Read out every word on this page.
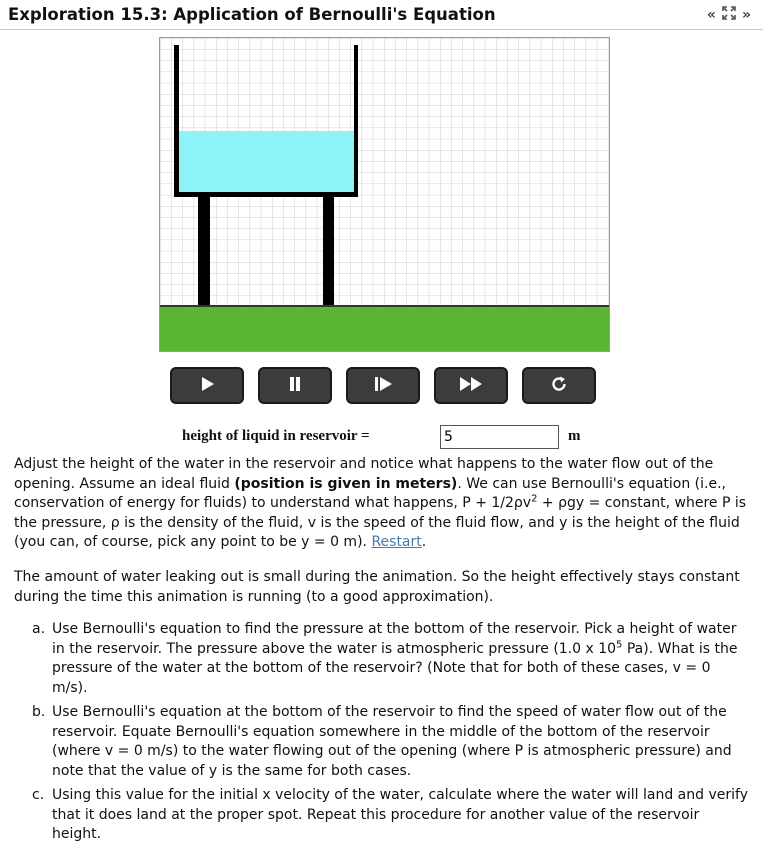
Exploration 15.3: Application of Bernoulli's Equation	« »
height of liquid in reservoir =
5	m
Adjust the height of the water in the reservoir and notice what happens to the water flow out of the opening. Assume an ideal fluid (position is given in meters). We can use Bernoulli's equation (i.e., conservation of energy for fluids) to understand what happens, $P + 1/2\rho v^2 + \rho gy$ = constant, where P is the pressure, ρ is the density of the fluid, v is the speed of the fluid flow, and y is the height of the fluid (you can, of course, pick any point to be y = 0 m). Restart.
The amount of water leaking out is small during the animation. So the height effectively stays constant during the time this animation is running (to a good approximation).
a. Use Bernoulli's equation to find the pressure at the bottom of the reservoir. Pick a height of water in the reservoir. The pressure above the water is atmospheric pressure (1.0 x $10^5$ Pa). What is the pressure of the water at the bottom of the reservoir? (Note that for both of these cases, v = 0 m/s).
b. Use Bernoulli's equation at the bottom of the reservoir to find the speed of water flow out of the reservoir. Equate Bernoulli's equation somewhere in the middle of the bottom of the reservoir (where v = 0 m/s) to the water flowing out of the opening (where P is atmospheric pressure) and note that the value of y is the same for both cases.
c. Using this value for the initial x velocity of the water, calculate where the water will land and verify that it does land at the proper spot. Repeat this procedure for another value of the reservoir height.
